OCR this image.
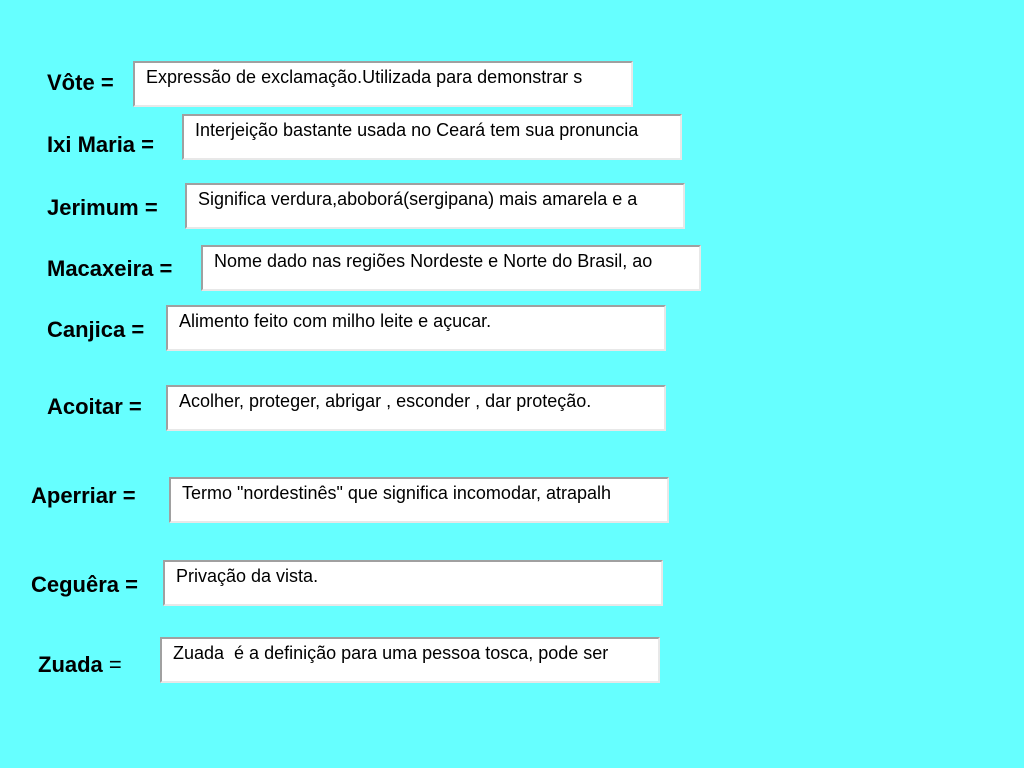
Vôte = Expressão de exclamação.Utilizada para demonstrar s
Ixi Maria =
Interjeição bastante usada no Ceará tem sua pronuncia
Jerimum = Significa verdura,aboborá(sergipana) mais amarela e a
Macaxeira = Nome dado nas regiões Nordeste e Norte do Brasil, ao
Canjica = Alimento feito com milho leite e açucar.
Acoitar = Acolher, proteger, abrigar , esconder , dar proteção.
Aperriar =	Termo "nordestinês" que significa incomodar, atrapalh
Ceguêra = Privação da vista.
Zuada =	Zuada  é a definição para uma pessoa tosca, pode ser
